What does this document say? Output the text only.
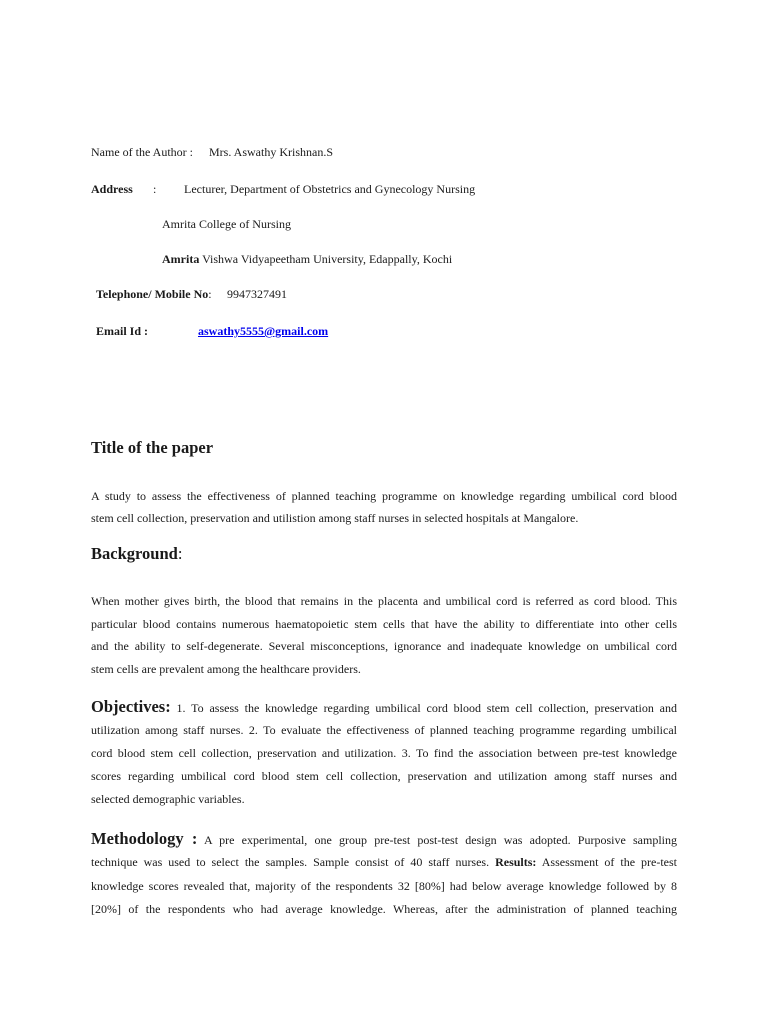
Name of the Author : Mrs. Aswathy Krishnan.S
Address : Lecturer, Department of Obstetrics and Gynecology Nursing
Amrita College of Nursing
Amrita Vishwa Vidyapeetham University, Edappally, Kochi
Telephone/ Mobile No: 9947327491
Email Id :	aswathy5555@gmail.com
Title of the paper
A study to assess the effectiveness of planned teaching programme on knowledge regarding umbilical cord blood
stem cell collection, preservation and utilistion among staff nurses in selected hospitals at Mangalore.
Background:
When mother gives birth, the blood that remains in the placenta and umbilical cord is referred as cord blood. This
particular blood contains numerous haematopoietic stem cells that have the ability to differentiate into other cells
and the ability to self-degenerate. Several misconceptions, ignorance and inadequate knowledge on umbilical cord
stem cells are prevalent among the healthcare providers.
Objectives: 1. To assess the knowledge regarding umbilical cord blood stem cell collection, preservation and
utilization among staff nurses. 2. To evaluate the effectiveness of planned teaching programme regarding umbilical
cord blood stem cell collection, preservation and utilization. 3. To find the association between pre-test knowledge
scores regarding umbilical cord blood stem cell collection, preservation and utilization among staff nurses and
selected demographic variables.
Methodology : A pre experimental, one group pre-test post-test design was adopted. Purposive sampling
technique was used to select the samples. Sample consist of 40 staff nurses. Results: Assessment of the pre-test
knowledge scores revealed that, majority of the respondents 32 [80%] had below average knowledge followed by 8
[20%] of the respondents who had average knowledge. Whereas, after the administration of planned teaching
